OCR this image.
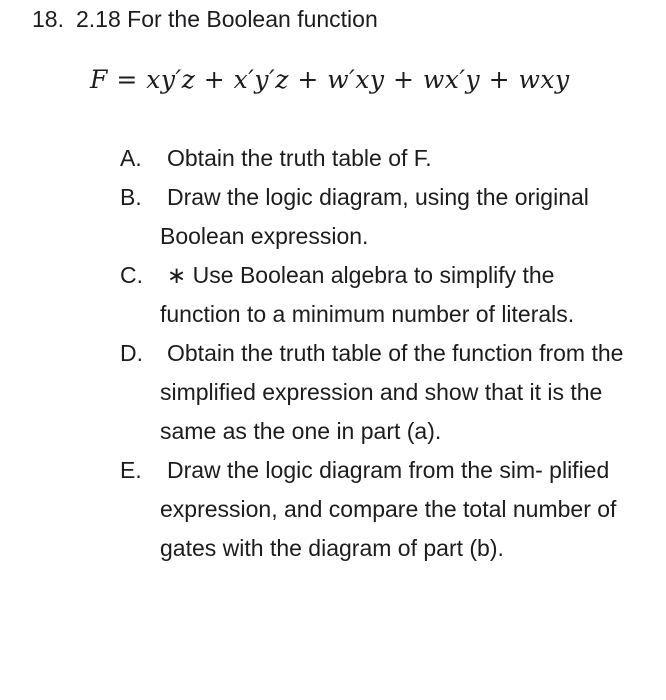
18. 2.18 For the Boolean function
F = xy′z + x′y′z + w′xy + wx′y + wxy
A. Obtain the truth table of F.
B. Draw the logic diagram, using the original Boolean expression.
C. ∗ Use Boolean algebra to simplify the function to a minimum number of literals.
D. Obtain the truth table of the function from the simplified expression and show that it is the same as the one in part (a).
E. Draw the logic diagram from the sim- plified expression, and compare the total number of gates with the diagram of part (b).
